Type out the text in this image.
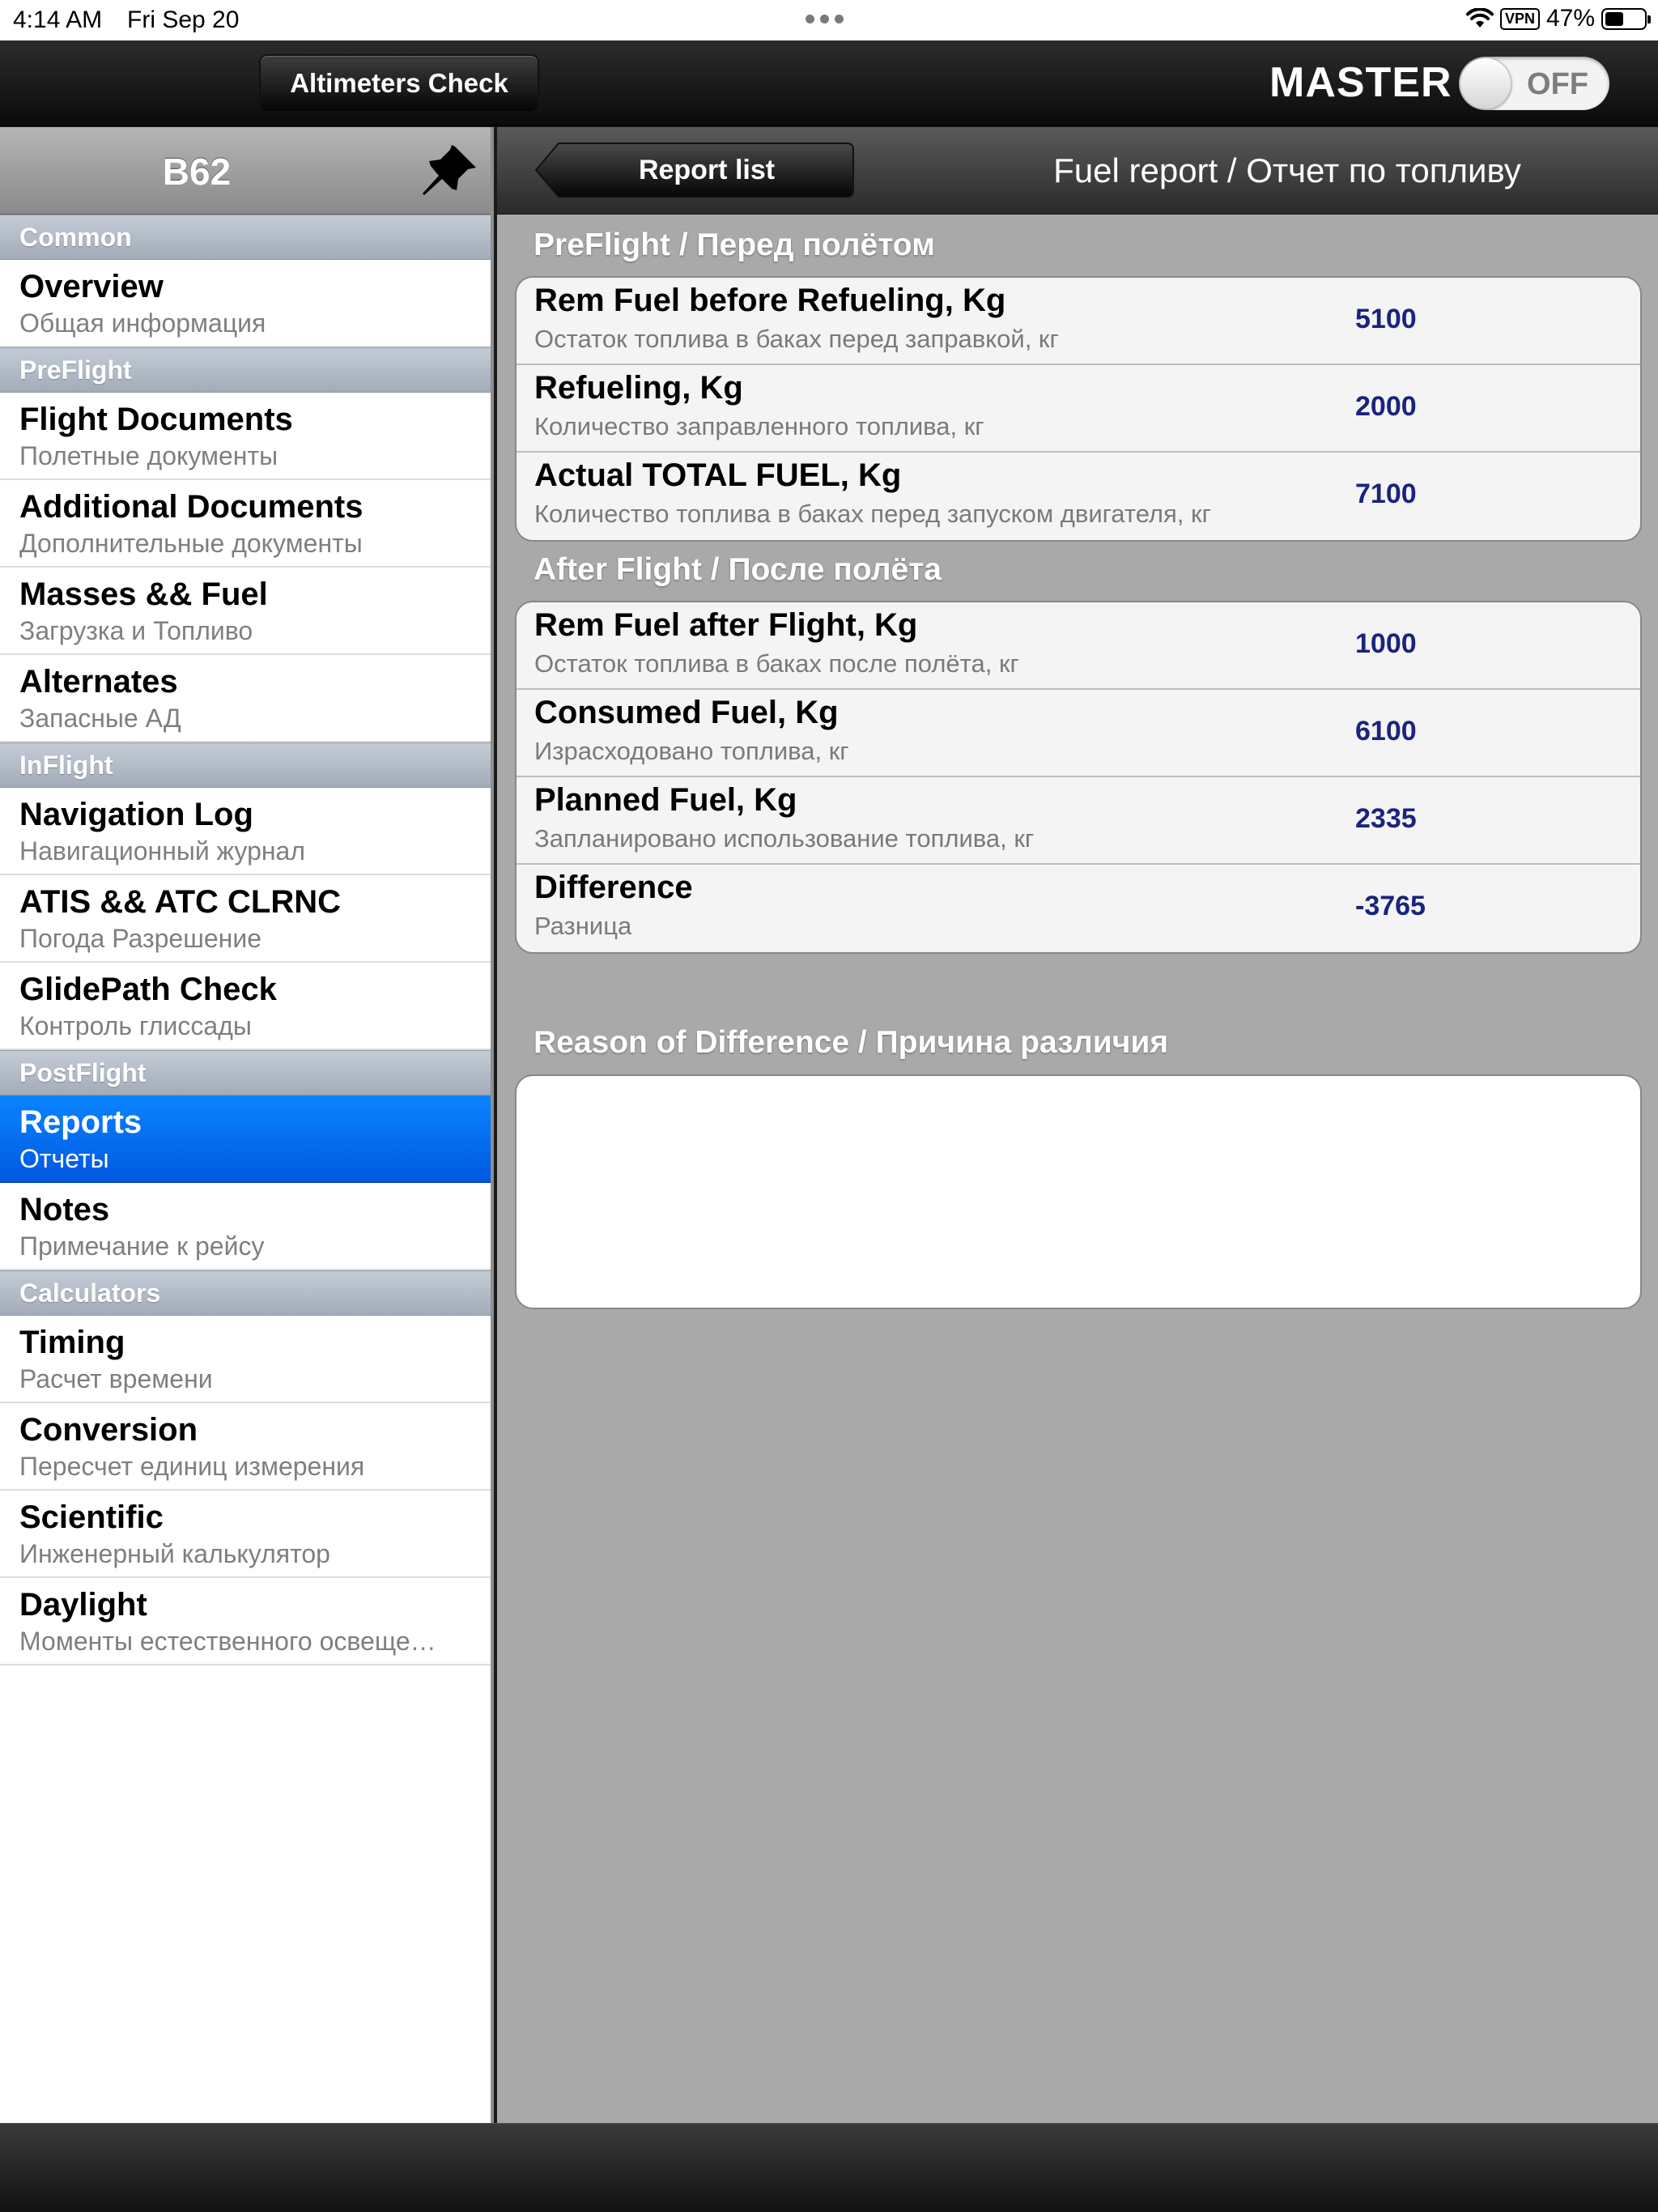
4:14 AM Fri Sep 20	VPN 47%
Altimeters Check	MASTER OFF
B62
Common
Overview
Общая информация
PreFlight
Flight Documents
Полетные документы
Additional Documents
Дополнительные документы
Masses && Fuel
Загрузка и Топливо
Alternates
Запасные АД
InFlight
Navigation Log
Навигационный журнал
ATIS && ATC CLRNC
Погода Разрешение
GlidePath Check
Контроль глиссады
PostFlight
Reports
Отчеты
Notes
Примечание к рейсу
Calculators
Timing
Расчет времени
Conversion
Пересчет единиц измерения
Scientific
Инженерный калькулятор
Daylight
Моменты естественного освеще…
Report list	Fuel report / Отчет по топливу
PreFlight / Перед полётом
Rem Fuel before Refueling, Kg
Остаток топлива в баках перед заправкой, кг
5100
Refueling, Kg
Количество заправленного топлива, кг
2000
Actual TOTAL FUEL, Kg
Количество топлива в баках перед запуском двигателя, кг
7100
After Flight / После полёта
Rem Fuel after Flight, Kg
Остаток топлива в баках после полёта, кг
1000
Consumed Fuel, Kg
Израсходовано топлива, кг
6100
Planned Fuel, Kg
Запланировано использование топлива, кг
2335
Difference
Разница
-3765
Reason of Difference / Причина различия
